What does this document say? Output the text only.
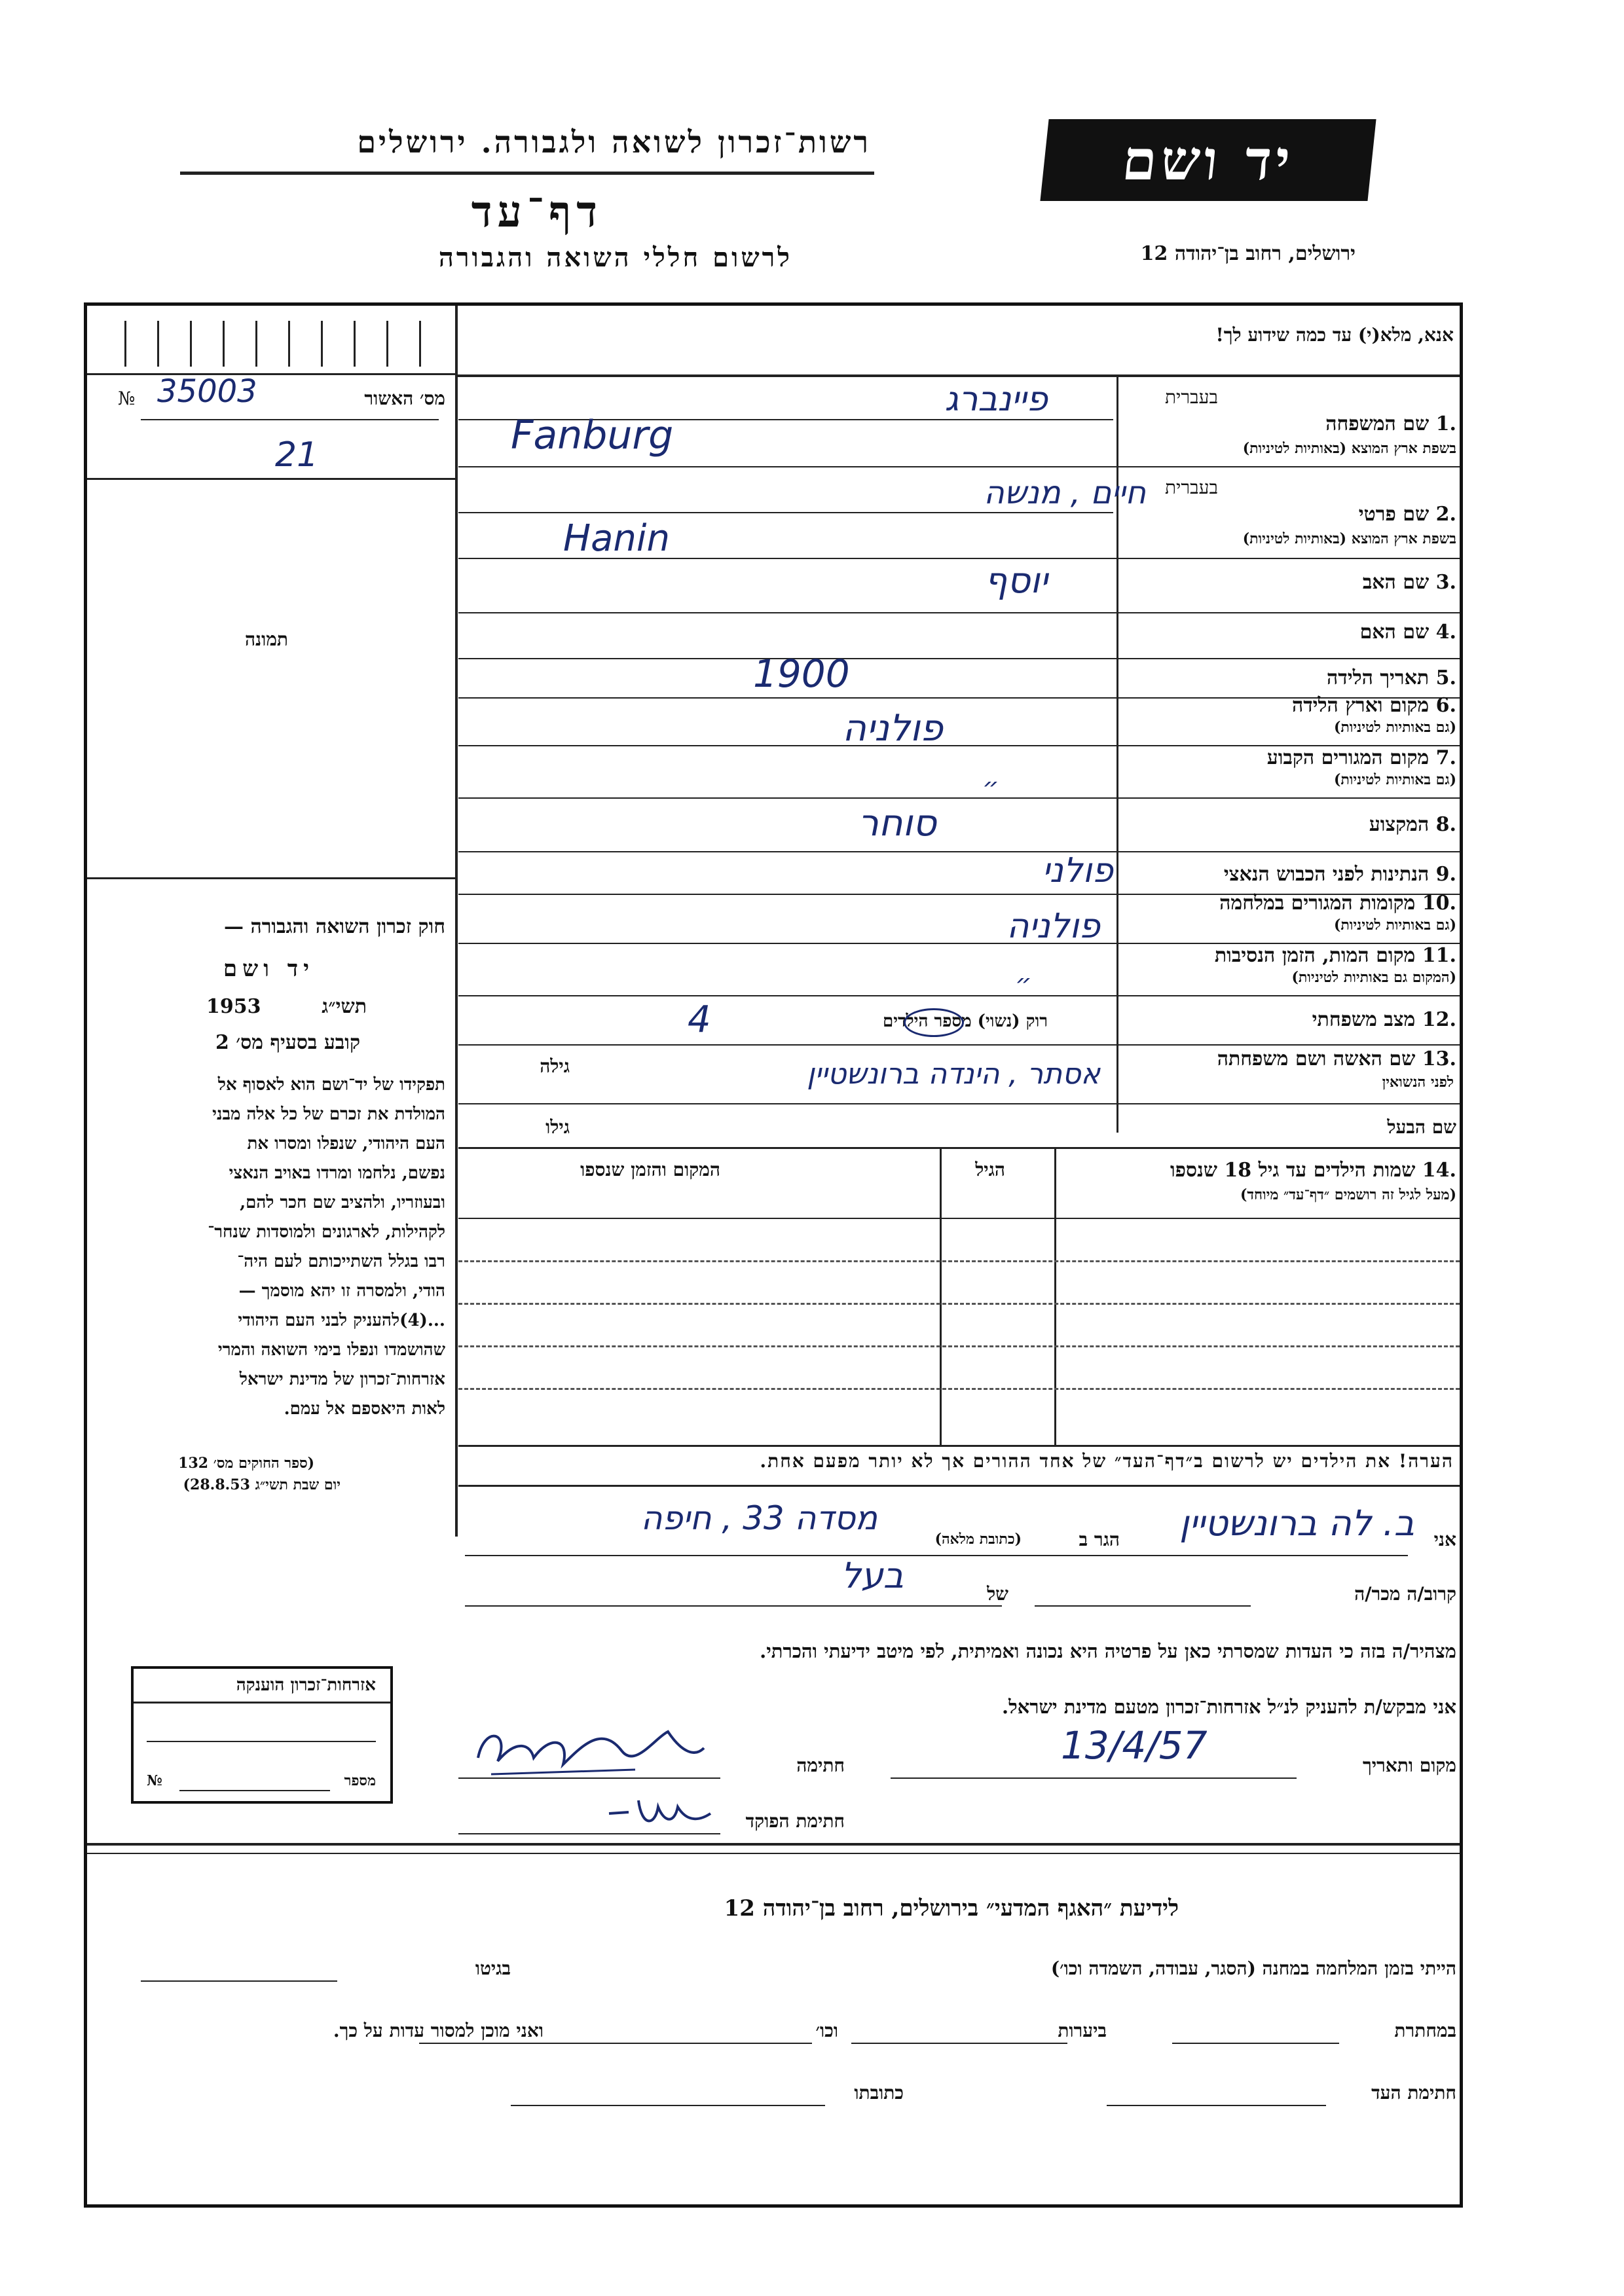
רשות־זכרון לשואה ולגבורה. ירושלים
דף־עד
לרשום חללי השואה והגבורה
יד ושם
ירושלים, רחוב בן־יהודה 12
מס׳ האשור
№ 35003
21
תמונה
חוק זכרון השואה והגבורה —
יד ושם
1953	תשי״ג
קובע בסעיף מס׳ 2
תפקידו של יד־ושם הוא לאסוף אל
המולדת את זכרם של כל אלה מבני
העם היהודי, שנפלו ומסרו את
נפשם, נלחמו ומרדו באויב הנאצי
ובעוזריו, ולהציב שם חכר להם,
לקהילות, לארגונים ולמוסדות שנחר־
רבו בגלל השתייכותם לעם היה־
הודי, ולמסרה זו יהא מוסמך —
...(4)להעניק לבני העם היהודי
שהושמדו ונפלו בימי השואה והמרי
אזרחות־זכרון של מדינת ישראל
לאות היאספם אל עמם.
(ספר החוקים מס׳ 132
יום שבת תשי״ג 28.8.53)
אנא, מלא(י) עד כמה שידוע לך!
בעברית
.1 שם המשפחה
בשפת ארץ המוצא (באותיות לטיניות)
פיינברג
Fanburg
בעברית
.2 שם פרטי
בשפת ארץ המוצא (באותיות לטיניות)
חיים , מנשה
Hanin
.3 שם האב
יוסף
.4 שם האם
.5 תאריך הלידה
1900
.6 מקום וארץ הלידה
(גם באותיות לטיניות)
פולניה
.7 מקום המגורים הקבוע
(גם באותיות לטיניות)
״
.8 המקצוע
סוחר
.9 הנתינות לפני הכבוש הנאצי
פולני
.10 מקומות המגורים במלחמה
(גם באותיות לטיניות)
פולניה
.11 מקום המות, הזמן הנסיבות
(המקום גם באותיות לטיניות)
״
.12 מצב משפחתי
רוק (נשוי) מספר הילדים
4
.13 שם האשה ושם משפחתה
לפני הנשואין
גילה	אסתר , הינדה ברונשטיין
שם הבעל
גילו
.14 שמות הילדים עד גיל 18 שנספו
(מעל לגיל זה רושמים ״דף־עד״ מיוחד)
הגיל
המקום והזמן שנספו
הערה! את הילדים יש לרשום ב״דף־העד״ של אחד ההורים אך לא יותר מפעם אחת.
אני
ב. לה ברונשטיין
הגר ב
(כתובת מלאה)
מסדה 33 , חיפה
קרוב/ה מכר/ה
של
בעל
מצהיר/ה בזה כי העדות שמסרתי כאן על פרטיה היא נכונה ואמיתית, לפי מיטב ידיעתי והכרתי.
אני מבקש/ת להעניק לנ״ל אזרחות־זכרון מטעם מדינת ישראל.
מקום ותאריך
13/4/57
חתימה
חתימת הפוקד
אזרחות־זכרון הוענקה
מספר
№
לידיעת ״האגף המדעי״ בירושלים, רחוב בן־יהודה 12
הייתי בזמן המלחמה במחנה (הסגר, עבודה, השמדה וכו׳)
בגיטו
במחתרת
ביערות
וכו׳
ואני מוכן למסור עדות על כך.
חתימת העד
כתובתו
